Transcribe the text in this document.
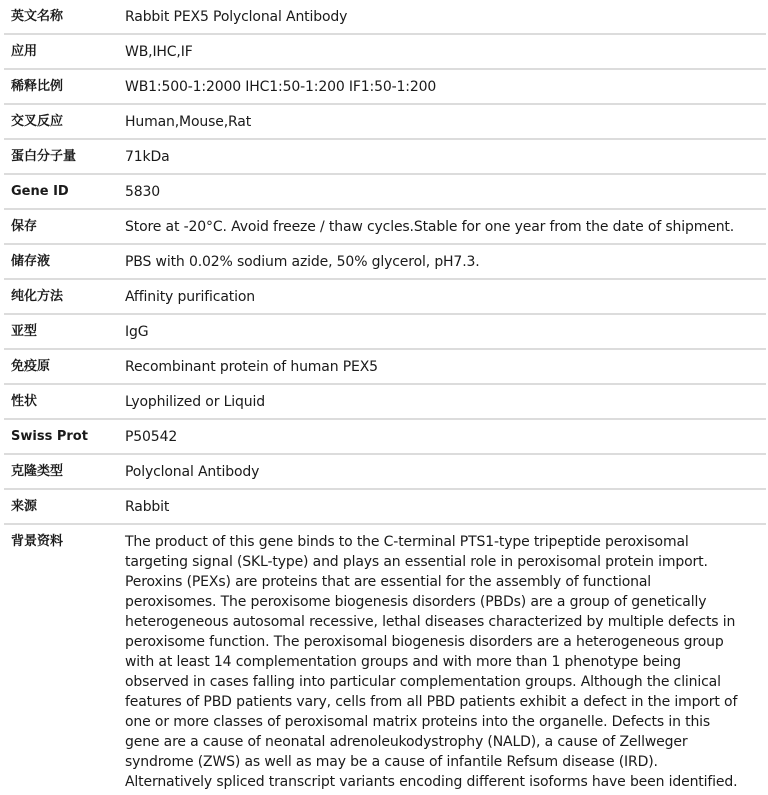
英文名称	Rabbit PEX5 Polyclonal Antibody
应用	WB,IHC,IF
稀释比例	WB1:500-1:2000 IHC1:50-1:200 IF1:50-1:200
交叉反应	Human,Mouse,Rat
蛋白分子量	71kDa
Gene ID	5830
保存	Store at -20°C. Avoid freeze / thaw cycles.Stable for one year from the date of shipment.
储存液	PBS with 0.02% sodium azide, 50% glycerol, pH7.3.
纯化方法	Affinity purification
亚型	IgG
免疫原	Recombinant protein of human PEX5
性状	Lyophilized or Liquid
Swiss Prot	P50542
克隆类型	Polyclonal Antibody
来源	Rabbit
背景资料	The product of this gene binds to the C-terminal PTS1-type tripeptide peroxisomal targeting signal (SKL-type) and plays an essential role in peroxisomal protein import. Peroxins (PEXs) are proteins that are essential for the assembly of functional peroxisomes. The peroxisome biogenesis disorders (PBDs) are a group of genetically heterogeneous autosomal recessive, lethal diseases characterized by multiple defects in peroxisome function. The peroxisomal biogenesis disorders are a heterogeneous group with at least 14 complementation groups and with more than 1 phenotype being observed in cases falling into particular complementation groups. Although the clinical features of PBD patients vary, cells from all PBD patients exhibit a defect in the import of one or more classes of peroxisomal matrix proteins into the organelle. Defects in this gene are a cause of neonatal adrenoleukodystrophy (NALD), a cause of Zellweger syndrome (ZWS) as well as may be a cause of infantile Refsum disease (IRD). Alternatively spliced transcript variants encoding different isoforms have been identified.
